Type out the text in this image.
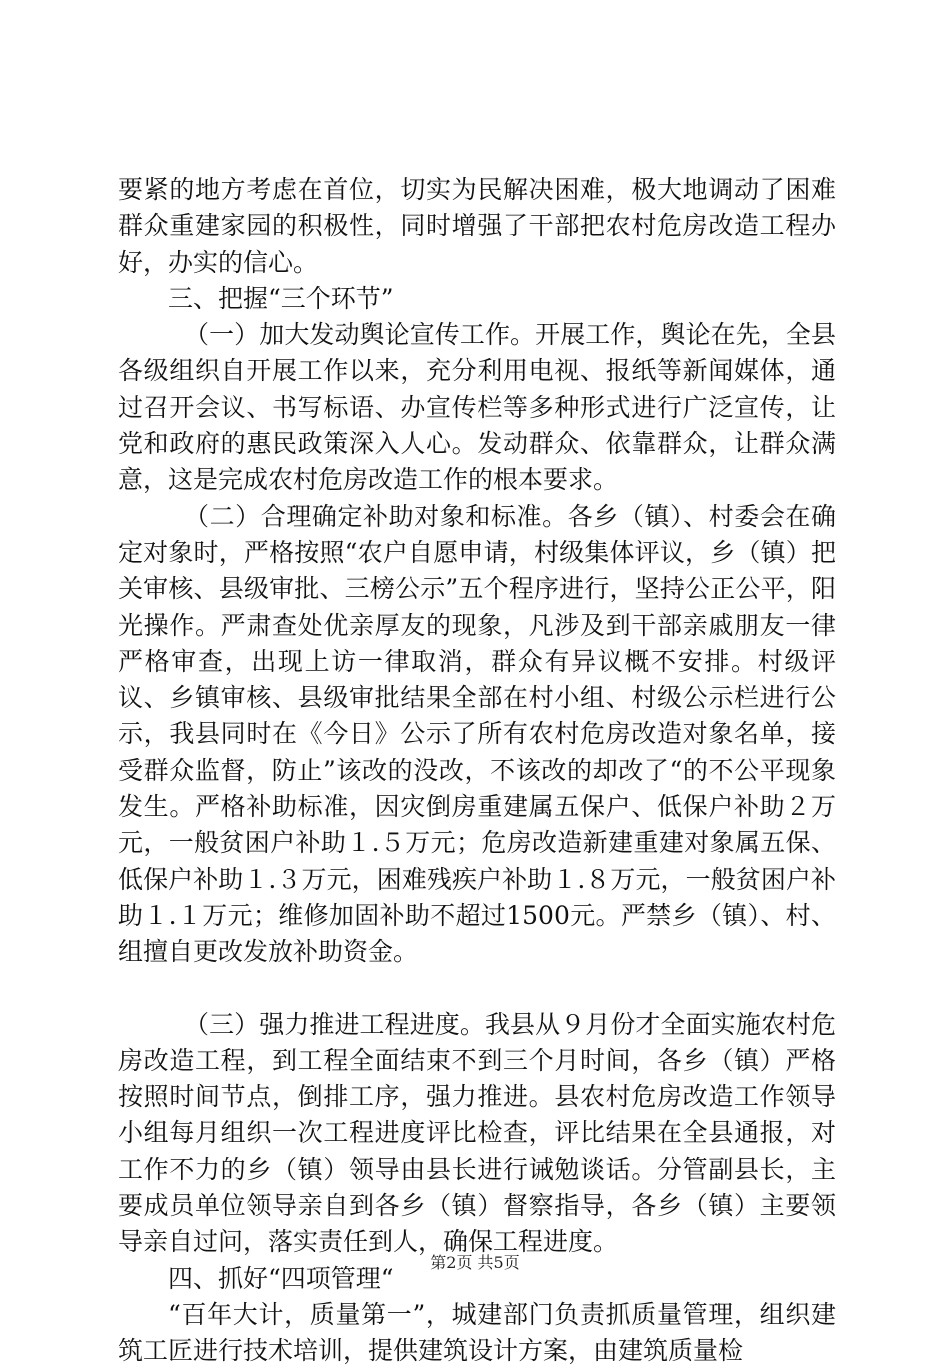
要紧的地方考虑在首位，切实为民解决困难，极大地调动了困难群众重建家园的积极性，同时增强了干部把农村危房改造工程办好，办实的信心。

三、把握“三个环节”

（一）加大发动舆论宣传工作。开展工作，舆论在先，全县各级组织自开展工作以来，充分利用电视、报纸等新闻媒体，通过召开会议、书写标语、办宣传栏等多种形式进行广泛宣传，让党和政府的惠民政策深入人心。发动群众、依靠群众，让群众满意，这是完成农村危房改造工作的根本要求。

（二）合理确定补助对象和标准。各乡（镇）、村委会在确定对象时，严格按照“农户自愿申请，村级集体评议，乡（镇）把关审核、县级审批、三榜公示”五个程序进行，坚持公正公平，阳光操作。严肃查处优亲厚友的现象，凡涉及到干部亲戚朋友一律严格审查，出现上访一律取消，群众有异议概不安排。村级评议、乡镇审核、县级审批结果全部在村小组、村级公示栏进行公示，我县同时在《今日》公示了所有农村危房改造对象名单，接受群众监督，防止”该改的没改，不该改的却改了“的不公平现象发生。严格补助标准，因灾倒房重建属五保户、低保户补助２万元，一般贫困户补助１.５万元；危房改造新建重建对象属五保、低保户补助１.３万元，困难残疾户补助１.８万元，一般贫困户补助１.１万元；维修加固补助不超过1500元。严禁乡（镇）、村、组擅自更改发放补助资金。

（三）强力推进工程进度。我县从９月份才全面实施农村危房改造工程，到工程全面结束不到三个月时间，各乡（镇）严格按照时间节点，倒排工序，强力推进。县农村危房改造工作领导小组每月组织一次工程进度评比检查，评比结果在全县通报，对工作不力的乡（镇）领导由县长进行诫勉谈话。分管副县长，主要成员单位领导亲自到各乡（镇）督察指导，各乡（镇）主要领导亲自过问，落实责任到人，确保工程进度。

四、抓好“四项管理“

“百年大计，质量第一”，城建部门负责抓质量管理，组织建筑工匠进行技术培训，提供建筑设计方案，由建筑质量检

第2页 共5页
